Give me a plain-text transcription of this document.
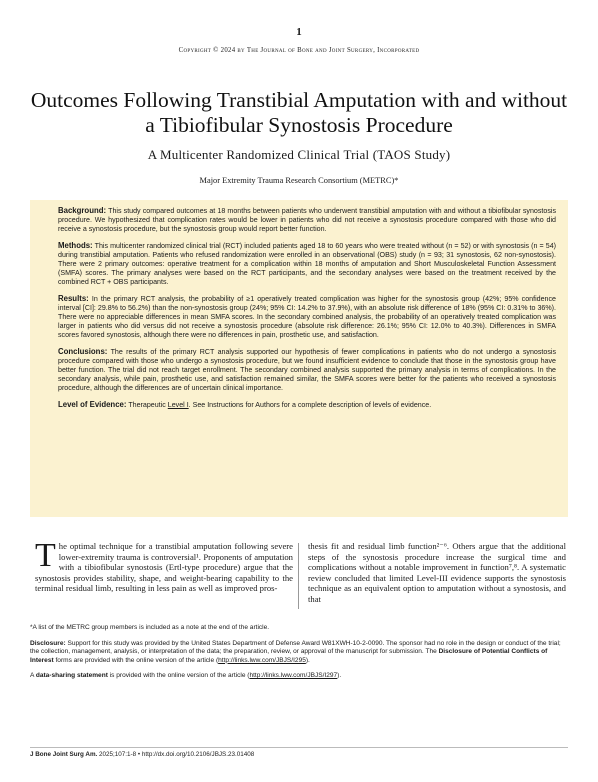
1
Copyright © 2024 by The Journal of Bone and Joint Surgery, Incorporated
Outcomes Following Transtibial Amputation with and without a Tibiofibular Synostosis Procedure
A Multicenter Randomized Clinical Trial (TAOS Study)
Major Extremity Trauma Research Consortium (METRC)*

Background: This study compared outcomes at 18 months between patients who underwent transtibial amputation with and without a tibiofibular synostosis procedure. We hypothesized that complication rates would be lower in patients who did not receive a synostosis procedure compared with those who did receive a synostosis procedure, but the synostosis group would report better function.

Methods: This multicenter randomized clinical trial (RCT) included patients aged 18 to 60 years who were treated without (n = 52) or with synostosis (n = 54) during transtibial amputation. Patients who refused randomization were enrolled in an observational (OBS) study (n = 93; 31 synostosis, 62 non-synostosis). There were 2 primary outcomes: operative treatment for a complication within 18 months of amputation and Short Musculoskeletal Function Assessment (SMFA) scores. The primary analyses were based on the RCT participants, and the secondary analyses were based on the treatment received by the combined RCT + OBS participants.

Results: In the primary RCT analysis, the probability of ≥1 operatively treated complication was higher for the synostosis group (42%; 95% confidence interval [CI]: 29.8% to 56.2%) than the non-synostosis group (24%; 95% CI: 14.2% to 37.9%), with an absolute risk difference of 18% (95% CI: 0.31% to 36%). There were no appreciable differences in mean SMFA scores. In the secondary combined analysis, the probability of an operatively treated complication was larger in patients who did versus did not receive a synostosis procedure (absolute risk difference: 26.1%; 95% CI: 12.0% to 40.3%). Differences in SMFA scores favored synostosis, although there were no differences in pain, prosthetic use, and satisfaction.

Conclusions: The results of the primary RCT analysis supported our hypothesis of fewer complications in patients who do not undergo a synostosis procedure compared with those who undergo a synostosis procedure, but we found insufficient evidence to conclude that those in the synostosis group have better function. The trial did not reach target enrollment. The secondary combined analysis supported the primary analysis in terms of complications. In the secondary analysis, while pain, prosthetic use, and satisfaction remained similar, the SMFA scores were better for the patients who received a synostosis procedure, although the differences are of uncertain clinical importance.

Level of Evidence: Therapeutic Level I. See Instructions for Authors for a complete description of levels of evidence.

The optimal technique for a transtibial amputation following severe lower-extremity trauma is controversial¹. Proponents of amputation with a tibiofibular synostosis (Ertl-type procedure) argue that the synostosis provides stability, shape, and weight-bearing capability to the terminal residual limb, resulting in less pain as well as improved pros-
thesis fit and residual limb function²⁻⁶. Others argue that the additional steps of the synostosis procedure increase the surgical time and complications without a notable improvement in function⁷,⁸. A systematic review concluded that limited Level-III evidence supports the synostosis technique as an equivalent option to amputation without a synostosis, and that

*A list of the METRC group members is included as a note at the end of the article.

Disclosure: Support for this study was provided by the United States Department of Defense Award W81XWH-10-2-0090. The sponsor had no role in the design or conduct of the trial; the collection, management, analysis, or interpretation of the data; the preparation, review, or approval of the manuscript for submission. The Disclosure of Potential Conflicts of Interest forms are provided with the online version of the article (http://links.lww.com/JBJS/I295).

A data-sharing statement is provided with the online version of the article (http://links.lww.com/JBJS/I297).

J Bone Joint Surg Am. 2025;107:1-8 • http://dx.doi.org/10.2106/JBJS.23.01408
